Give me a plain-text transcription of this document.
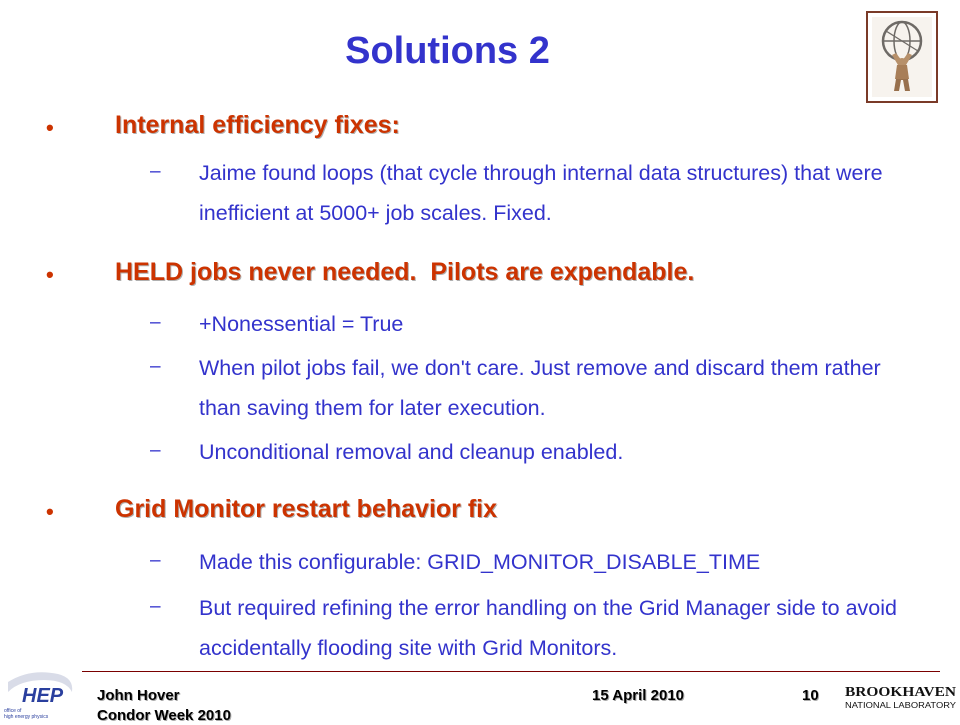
Solutions 2
• Internal efficiency fixes:
– Jaime found loops (that cycle through internal data structures) that were inefficient at 5000+ job scales. Fixed.
• HELD jobs never needed.  Pilots are expendable.
– +Nonessential = True
– When pilot jobs fail, we don't care. Just remove and discard them rather than saving them for later execution.
– Unconditional removal and cleanup enabled.
• Grid Monitor restart behavior fix
– Made this configurable: GRID_MONITOR_DISABLE_TIME
– But required refining the error handling on the Grid Manager side to avoid accidentally flooding site with Grid Monitors.
HEP
office of
high energy physics
John Hover
Condor Week 2010
15 April 2010	10 BROOKHAVEN
NATIONAL LABORATORY
